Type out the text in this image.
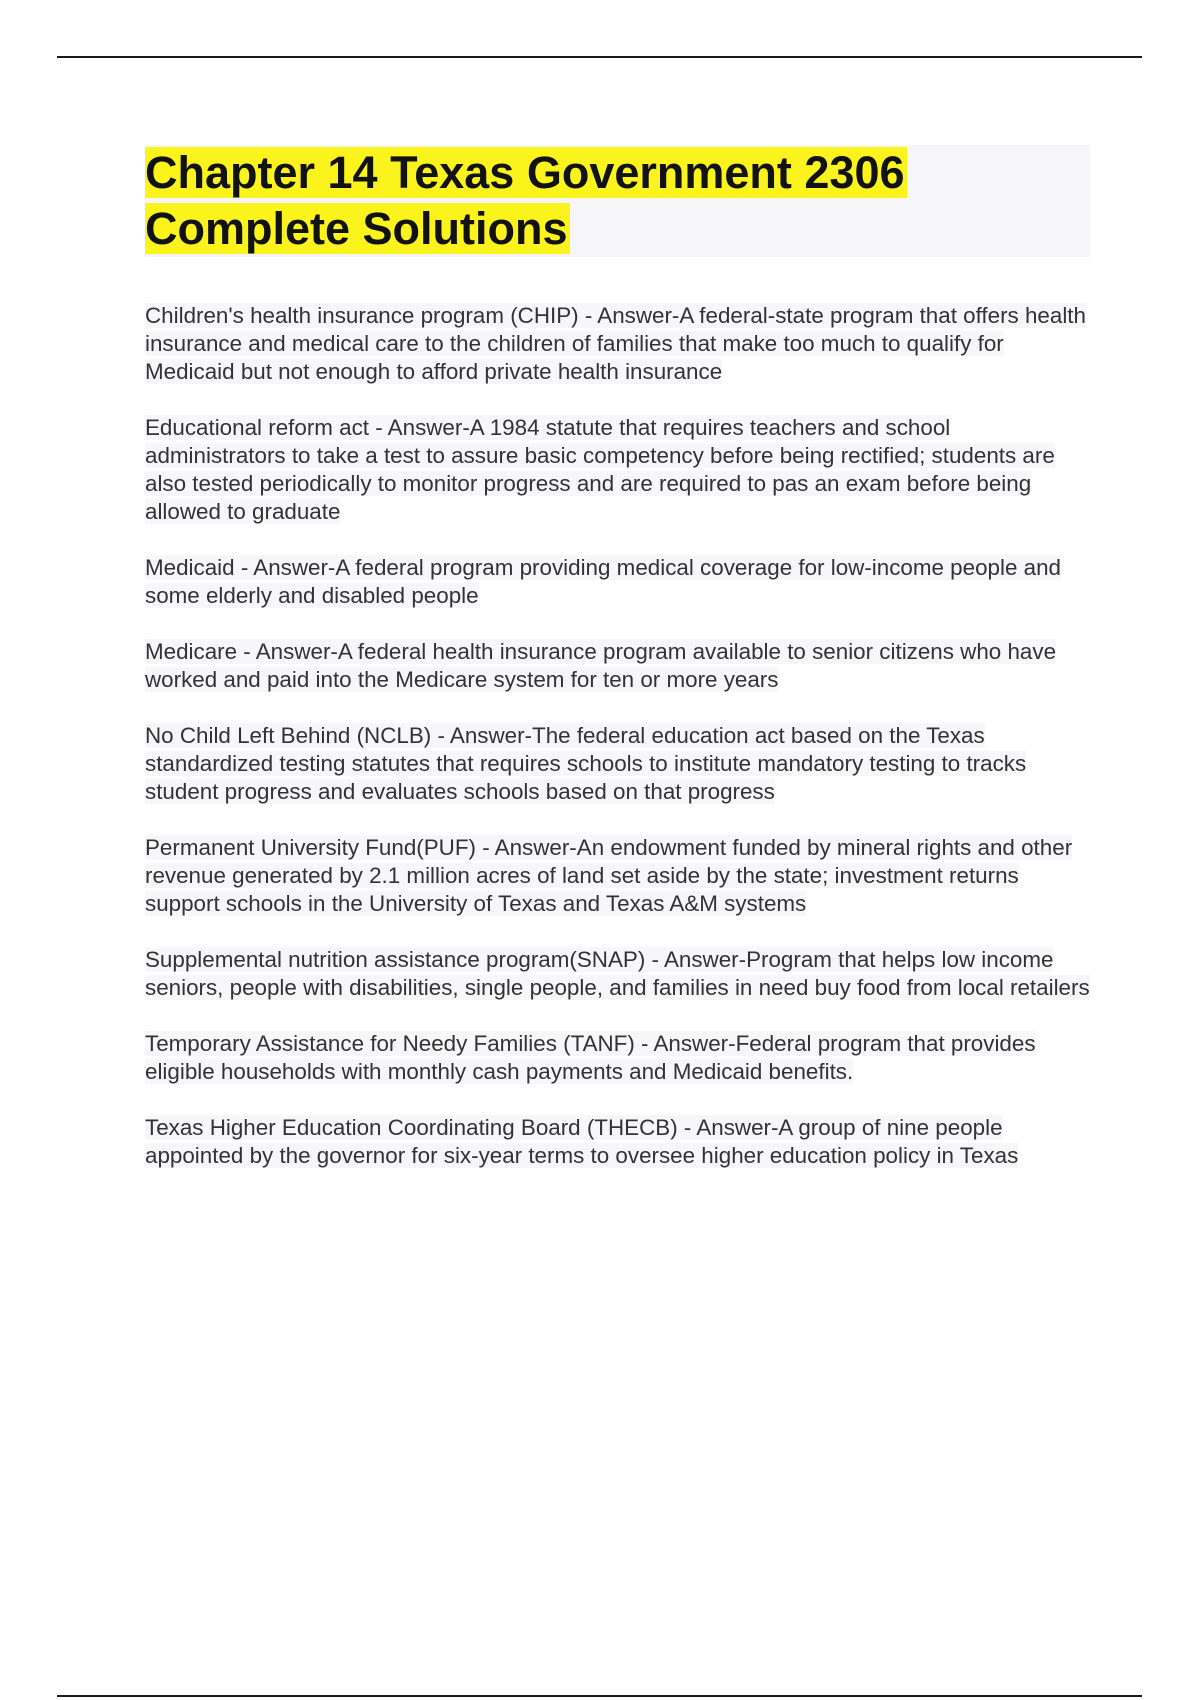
Chapter 14 Texas Government 2306
Complete Solutions

Children's health insurance program (CHIP) - Answer-A federal-state program that offers health insurance and medical care to the children of families that make too much to qualify for Medicaid but not enough to afford private health insurance

Educational reform act - Answer-A 1984 statute that requires teachers and school administrators to take a test to assure basic competency before being rectified; students are also tested periodically to monitor progress and are required to pas an exam before being allowed to graduate

Medicaid - Answer-A federal program providing medical coverage for low-income people and some elderly and disabled people

Medicare - Answer-A federal health insurance program available to senior citizens who have worked and paid into the Medicare system for ten or more years

No Child Left Behind (NCLB) - Answer-The federal education act based on the Texas standardized testing statutes that requires schools to institute mandatory testing to tracks student progress and evaluates schools based on that progress

Permanent University Fund(PUF) - Answer-An endowment funded by mineral rights and other revenue generated by 2.1 million acres of land set aside by the state; investment returns support schools in the University of Texas and Texas A&M systems

Supplemental nutrition assistance program(SNAP) - Answer-Program that helps low income seniors, people with disabilities, single people, and families in need buy food from local retailers

Temporary Assistance for Needy Families (TANF) - Answer-Federal program that provides eligible households with monthly cash payments and Medicaid benefits.

Texas Higher Education Coordinating Board (THECB) - Answer-A group of nine people appointed by the governor for six-year terms to oversee higher education policy in Texas
